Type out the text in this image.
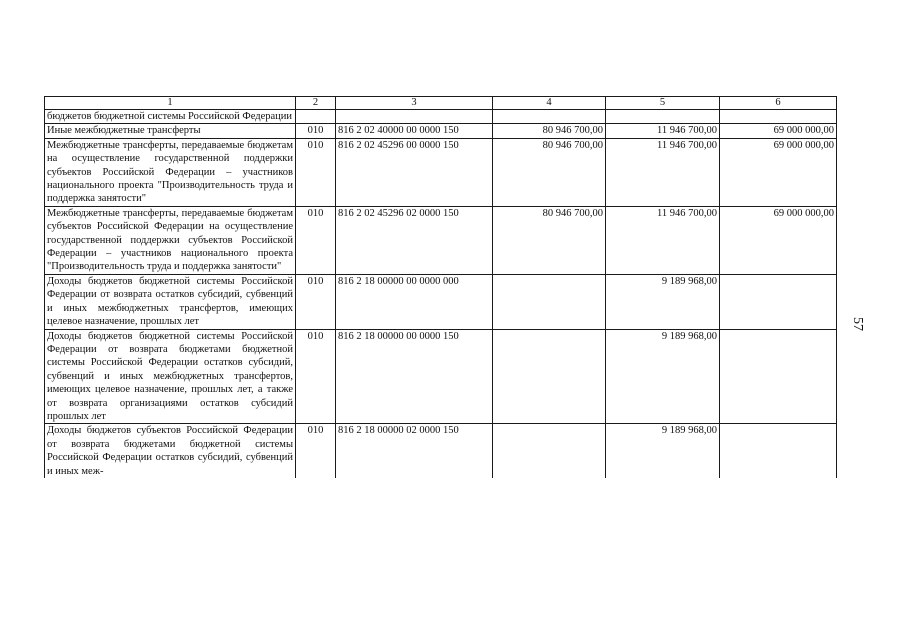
1	2	3	4	5	6
бюджетов бюджетной системы Российской Федерации					
Иные межбюджетные трансферты	010	816 2 02 40000 00 0000 150	80 946 700,00	11 946 700,00	69 000 000,00
Межбюджетные трансферты, передаваемые бюджетам на осуществление государственной поддержки субъектов Российской Федерации – участников национального проекта "Производительность труда и поддержка занятости"	010	816 2 02 45296 00 0000 150	80 946 700,00	11 946 700,00	69 000 000,00
Межбюджетные трансферты, передаваемые бюджетам субъектов Российской Федерации на осуществление государственной поддержки субъектов Российской Федерации – участников национального проекта "Производительность труда и поддержка занятости"	010	816 2 02 45296 02 0000 150	80 946 700,00	11 946 700,00	69 000 000,00
Доходы бюджетов бюджетной системы Российской Федерации от возврата остатков субсидий, субвенций и иных межбюджетных трансфертов, имеющих целевое назначение, прошлых лет	010	816 2 18 00000 00 0000 000		9 189 968,00	
Доходы бюджетов бюджетной системы Российской Федерации от возврата бюджетами бюджетной системы Российской Федерации остатков субсидий, субвенций и иных межбюджетных трансфертов, имеющих целевое назначение, прошлых лет, а также от возврата организациями остатков субсидий прошлых лет	010	816 2 18 00000 00 0000 150		9 189 968,00	
Доходы бюджетов субъектов Российской Федерации от возврата бюджетами бюджетной системы Российской Федерации остатков субсидий, субвенций и иных меж-	010	816 2 18 00000 02 0000 150		9 189 968,00	
57
